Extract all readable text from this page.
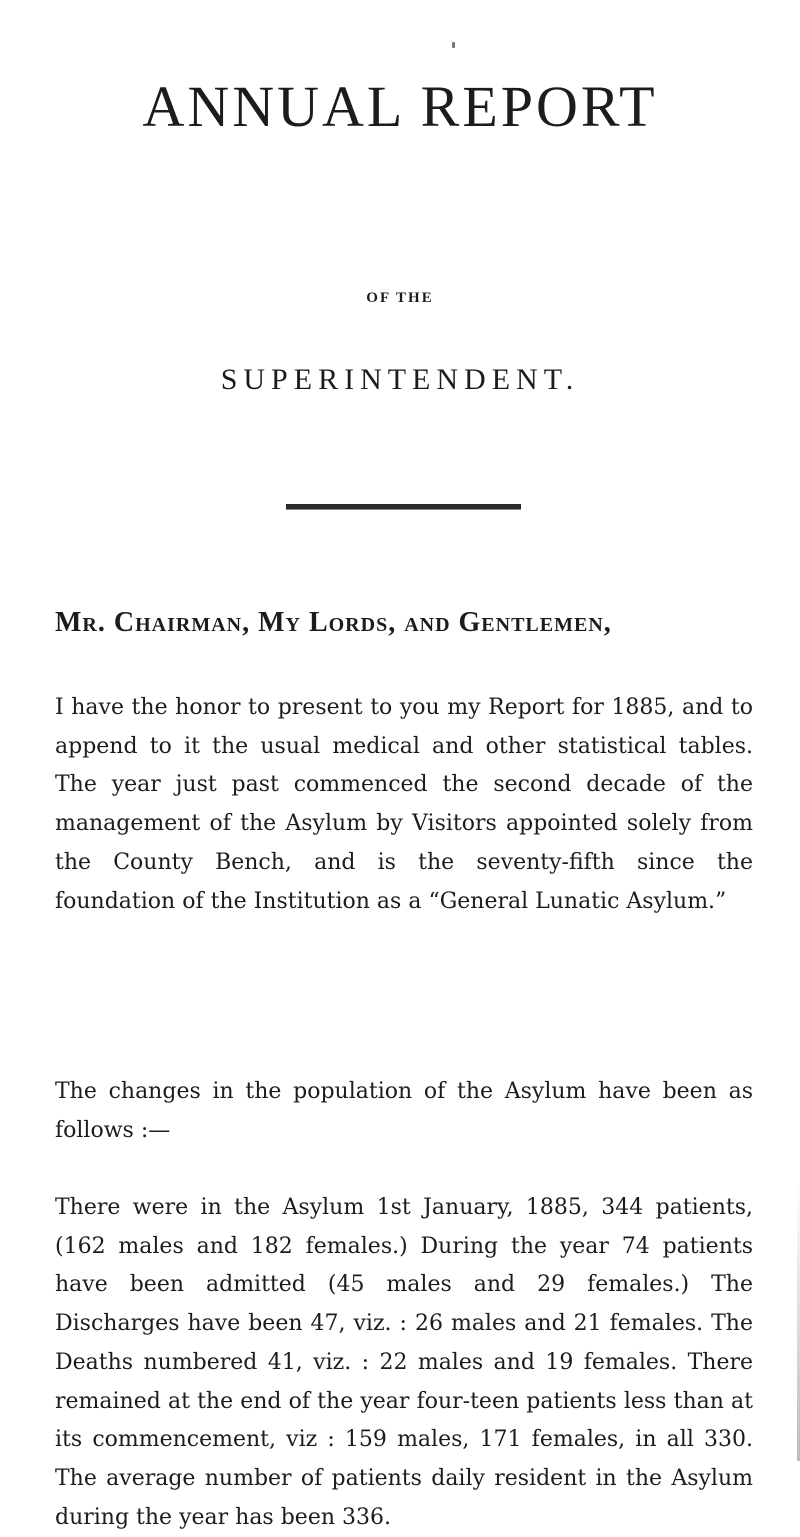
ANNUAL REPORT
OF THE
SUPERINTENDENT.
Mr. Chairman, My Lords, and Gentlemen,

I have the honor to present to you my Report for 1885, and to append to it the usual medical and other statistical tables. The year just past commenced the second decade of the management of the Asylum by Visitors appointed solely from the County Bench, and is the seventy-fifth since the foundation of the Institution as a “General Lunatic Asylum.”

The changes in the population of the Asylum have been as follows :—

There were in the Asylum 1st January, 1885, 344 patients, (162 males and 182 females.) During the year 74 patients have been admitted (45 males and 29 females.) The Discharges have been 47, viz. : 26 males and 21 females. The Deaths numbered 41, viz. : 22 males and 19 females. There remained at the end of the year four-teen patients less than at its commencement, viz : 159 males, 171 females, in all 330. The average number of patients daily resident in the Asylum during the year has been 336.
